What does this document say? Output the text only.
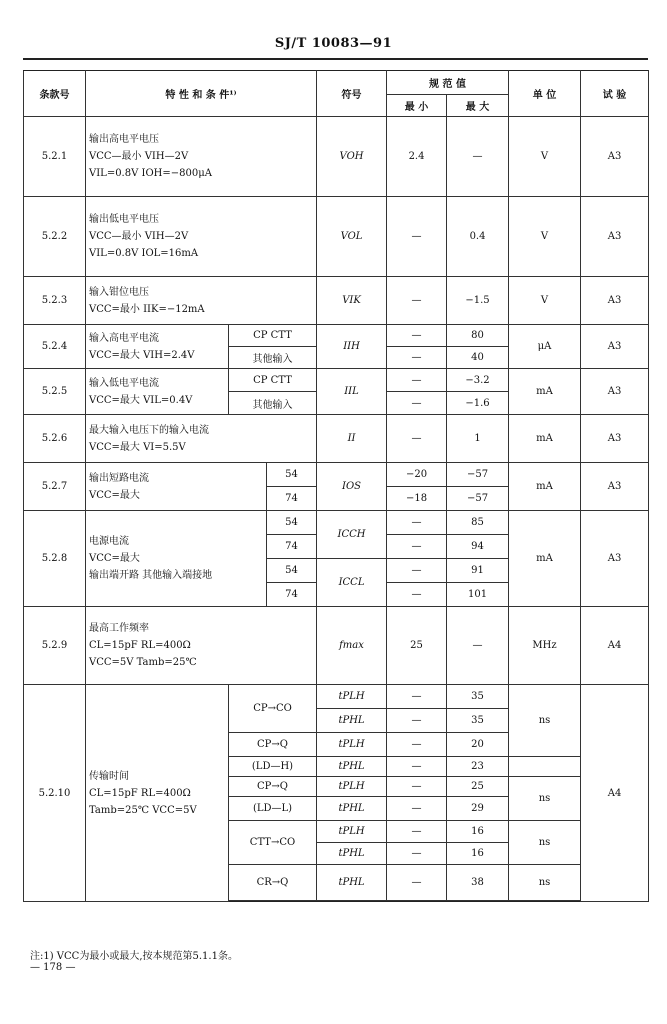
SJ/T 10083—91
条款号	特 性 和 条 件¹⁾			符号	规 范 值		单 位	试 验
					最 小	最 大		
5.2.1	输出高电平电压
VCC—最小 VIH—2V
VIL=0.8V IOH=−800μA			VOH	2.4	—	V	A3
5.2.2	输出低电平电压
VCC—最小 VIH—2V
VIL=0.8V IOL=16mA			VOL	—	0.4	V	A3
5.2.3	输入钳位电压
VCC=最小 IIK=−12mA			VIK	—	−1.5	V	A3
5.2.4	输入高电平电流
VCC=最大 VIH=2.4V	CP CTT		IIH	—	80	μA	A3
		其他输入			—	40		
5.2.5	输入低电平电流
VCC=最大 VIL=0.4V	CP CTT		IIL	—	−3.2	mA	A3
		其他输入			—	−1.6		
5.2.6	最大输入电压下的输入电流
VCC=最大 VI=5.5V			II	—	1	mA	A3
5.2.7	输出短路电流
VCC=最大		54	IOS	−20	−57	mA	A3
			74		−18	−57		
5.2.8	电源电流
VCC=最大
输出端开路 其他输入端接地		54	ICCH	—	85	mA	A3
			74		—	94		
			54	ICCL	—	91		
			74		—	101		
5.2.9	最高工作频率
CL=15pF RL=400Ω
VCC=5V Tamb=25℃			fmax	25	—	MHz	A4
5.2.10	传输时间
CL=15pF RL=400Ω
Tamb=25℃ VCC=5V	CP→CO		tPLH	—	35	ns	A4
				tPHL	—	35		
		CP→Q		tPLH	—	20		
		(LD—H)		tPHL	—	23		
		CP→Q		tPLH	—	25	ns	
		(LD—L)		tPHL	—	29		
		CTT→CO		tPLH	—	16	ns	
				tPHL	—	16		
		CR→Q		tPHL	—	38	ns	

注:1) VCC为最小或最大,按本规范第5.1.1条。
— 178 —
